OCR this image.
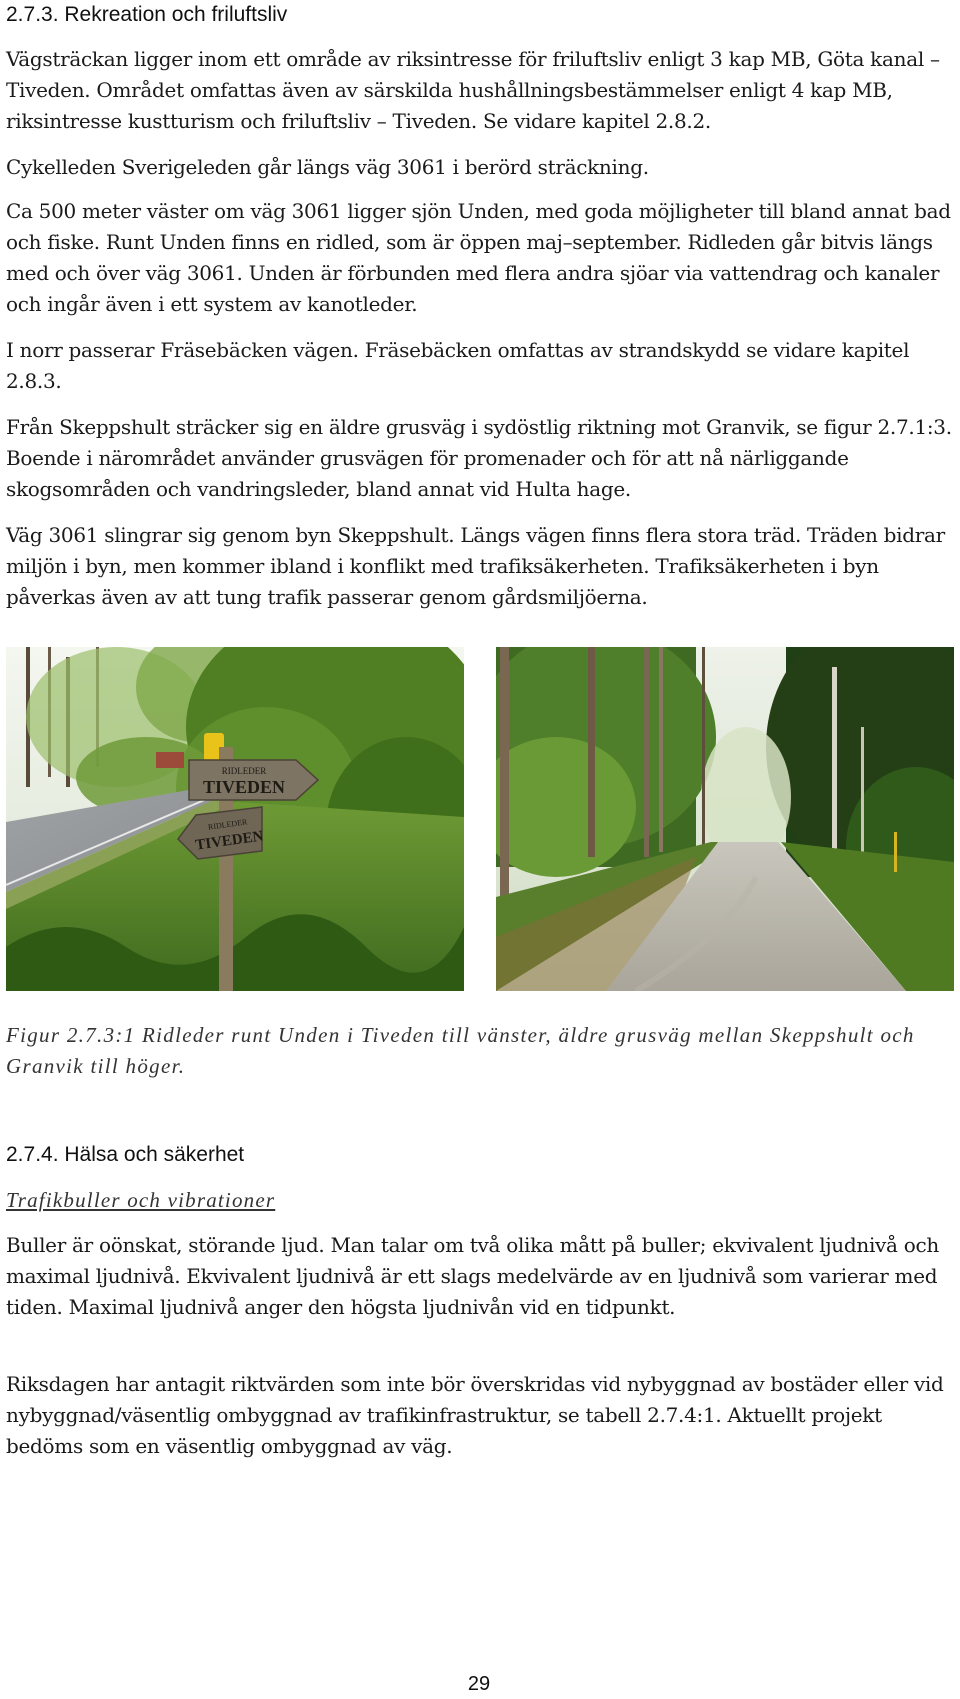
2.7.3. Rekreation och friluftsliv

Vägsträckan ligger inom ett område av riksintresse för friluftsliv enligt 3 kap MB, Göta kanal – Tiveden. Området omfattas även av särskilda hushållningsbestämmelser enligt 4 kap MB, riksintresse kustturism och friluftsliv – Tiveden. Se vidare kapitel 2.8.2.

Cykelleden Sverigeleden går längs väg 3061 i berörd sträckning.

Ca 500 meter väster om väg 3061 ligger sjön Unden, med goda möjligheter till bland annat bad och fiske. Runt Unden finns en ridled, som är öppen maj–september. Ridleden går bitvis längs med och över väg 3061. Unden är förbunden med flera andra sjöar via vattendrag och kanaler och ingår även i ett system av kanotleder.

I norr passerar Fräsebäcken vägen. Fräsebäcken omfattas av strandskydd se vidare kapitel 2.8.3.

Från Skeppshult sträcker sig en äldre grusväg i sydöstlig riktning mot Granvik, se figur 2.7.1:3. Boende i närområdet använder grusvägen för promenader och för att nå närliggande skogsområden och vandringsleder, bland annat vid Hulta hage.

Väg 3061 slingrar sig genom byn Skeppshult. Längs vägen finns flera stora träd. Träden bidrar miljön i byn, men kommer ibland i konflikt med trafiksäkerheten. Trafiksäkerheten i byn påverkas även av att tung trafik passerar genom gårdsmiljöerna.

RIDLEDER
TIVEDEN
RIDLEDER
TIVEDEN

Figur 2.7.3:1 Ridleder runt Unden i Tiveden till vänster, äldre grusväg mellan Skeppshult och Granvik till höger.

2.7.4. Hälsa och säkerhet

Trafikbuller och vibrationer

Buller är oönskat, störande ljud. Man talar om två olika mått på buller; ekvivalent ljudnivå och maximal ljudnivå. Ekvivalent ljudnivå är ett slags medelvärde av en ljudnivå som varierar med tiden. Maximal ljudnivå anger den högsta ljudnivån vid en tidpunkt.

Riksdagen har antagit riktvärden som inte bör överskridas vid nybyggnad av bostäder eller vid nybyggnad/väsentlig ombyggnad av trafikinfrastruktur, se tabell 2.7.4:1. Aktuellt projekt bedöms som en väsentlig ombyggnad av väg.

29
